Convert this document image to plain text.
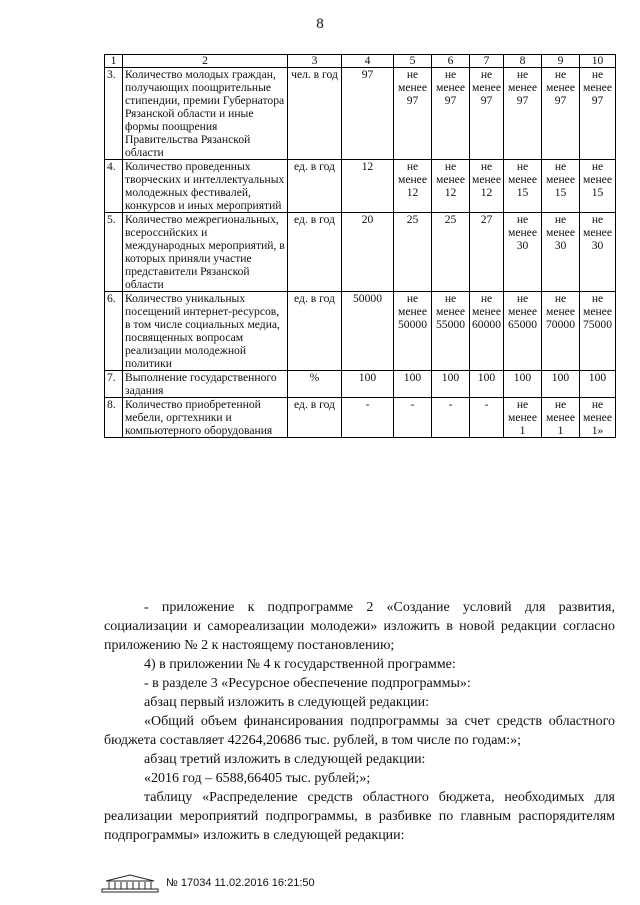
8
1	2	3	4	5	6	7	8	9	10
3.	Количество молодых граждан, получающих поощрительные стипендии, премии Губернатора Рязанской области и иные формы поощрения Правительства Рязанской области	чел. в год	97	не менее 97	не менее 97	не менее 97	не менее 97	не менее 97	не менее 97
4.	Количество проведенных творческих и интеллектуальных молодежных фестивалей, конкурсов и иных мероприятий	ед. в год	12	не менее 12	не менее 12	не менее 12	не менее 15	не менее 15	не менее 15
5.	Количество межрегиональных, всероссийских и международных мероприятий, в которых приняли участие представители Рязанской области	ед. в год	20	25	25	27	не менее 30	не менее 30	не менее 30
6.	Количество уникальных посещений интернет-ресурсов, в том числе социальных медиа, посвященных вопросам реализации молодежной политики	ед. в год	50000	не менее 50000	не менее 55000	не менее 60000	не менее 65000	не менее 70000	не менее 75000
7.	Выполнение государственного задания	%	100	100	100	100	100	100	100
8.	Количество приобретенной мебели, оргтехники и компьютерного оборудования	ед. в год	-	-	-	-	не менее 1	не менее 1	не менее 1»

- приложение к подпрограмме 2 «Создание условий для развития, социализации и самореализации молодежи» изложить в новой редакции согласно приложению № 2 к настоящему постановлению;

4) в приложении № 4 к государственной программе:

- в разделе 3 «Ресурсное обеспечение подпрограммы»:

абзац первый изложить в следующей редакции:

«Общий объем финансирования подпрограммы за счет средств областного бюджета составляет 42264,20686 тыс. рублей, в том числе по годам:»;

абзац третий изложить в следующей редакции:

«2016 год – 6588,66405 тыс. рублей;»;

таблицу «Распределение средств областного бюджета, необходимых для реализации мероприятий подпрограммы, в разбивке по главным распорядителям подпрограммы» изложить в следующей редакции:

№ 17034 11.02.2016 16:21:50
